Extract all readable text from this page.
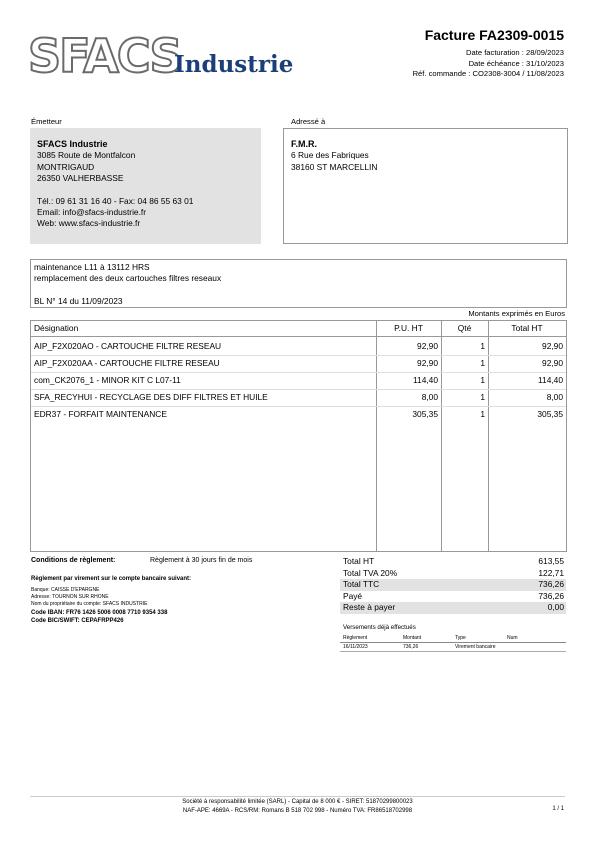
SFACS
Industrie
Facture FA2309-0015
Date facturation : 28/09/2023
Date échéance : 31/10/2023
Réf. commande : CO2308-3004 / 11/08/2023
Émetteur
SFACS Industrie
3085 Route de Montfalcon
MONTRIGAUD
26350 VALHERBASSE
Tél.: 09 61 31 16 40 - Fax: 04 86 55 63 01
Email: info@sfacs-industrie.fr
Web: www.sfacs-industrie.fr
Adressé à
F.M.R.
6 Rue des Fabriques
38160 ST MARCELLIN
maintenance L11 à 13112 HRS
remplacement des deux cartouches filtres reseaux
BL N° 14 du 11/09/2023
Montants exprimés en Euros
Désignation	P.U. HT	Qté	Total HT
AIP_F2X020AO - CARTOUCHE FILTRE RESEAU	92,90	1	92,90
AIP_F2X020AA - CARTOUCHE FILTRE RESEAU	92,90	1	92,90
com_CK2076_1 - MINOR KIT C L07-11	114,40	1	114,40
SFA_RECYHUI - RECYCLAGE DES DIFF FILTRES ET HUILE	8,00	1	8,00
EDR37 - FORFAIT MAINTENANCE	305,35	1	305,35
Conditions de règlement:	Règlement à 30 jours fin de mois
Règlement par virement sur le compte bancaire suivant:
Banque: CAISSE D'EPARGNE
Adresse: TOURNON SUR RHONE
Nom du propriétaire du compte: SFACS INDUSTRIE
Code IBAN: FR76 1426 5006 0008 7710 9354 338
Code BIC/SWIFT: CEPAFRPP426
Total HT	613,55
Total TVA 20%	122,71
Total TTC	736,26
Payé	736,26
Reste à payer	0,00
Versements déjà effectués
Règlement	Montant	Type	Num
16/11/2023	736,26	Virement bancaire
Société à responsabilité limitée (SARL) - Capital de 8 000 € - SIRET: 51870299800023
NAF-APE: 4669A - RCS/RM: Romans B 518 702 998 - Numéro TVA: FR86518702998	1 / 1
